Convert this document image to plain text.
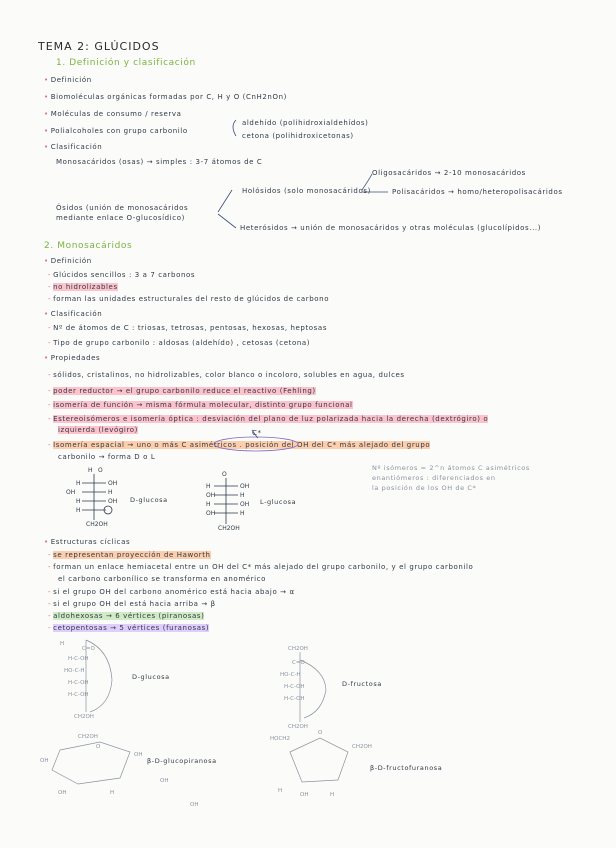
TEMA 2: GLÚCIDOS
1. Definición y clasificación
• Definición
• Biomoléculas orgánicas formadas por C, H y O (CnH2nOn)
• Moléculas de consumo / reserva
• Polialcoholes con grupo carbonilo
aldehído (polihidroxialdehídos)
cetona (polihidroxicetonas)
• Clasificación
Monosacáridos (osas) → simples : 3-7 átomos de C
Oligosacáridos → 2-10 monosacáridos
Holósidos (solo monosacáridos)	Polisacáridos → homo/heteropolisacáridos
Ósidos (unión de monosacáridos mediante enlace O-glucosídico)
Heterósidos → unión de monosacáridos y otras moléculas (glucolípidos...)
2. Monosacáridos
• Definición
- Glúcidos sencillos : 3 a 7 carbonos
- no hidrolizables
- forman las unidades estructurales del resto de glúcidos de carbono
• Clasificación
- Nº de átomos de C : triosas, tetrosas, pentosas, hexosas, heptosas
- Tipo de grupo carbonilo : aldosas (aldehído) , cetosas (cetona)
• Propiedades
- sólidos, cristalinos, no hidrolizables, color blanco o incoloro, solubles en agua, dulces
- poder reductor → el grupo carbonilo reduce el reactivo (Fehling)
- isomería de función → misma fórmula molecular, distinto grupo funcional
- Estereoisómeros e isomería óptica : desviación del plano de luz polarizada hacia la derecha (dextrógiro) o
izquierda (levógiro)	C*
- Isomería espacial → uno o más C asimétricos . posición del OH del C* más alejado del grupo
carbonilo → forma D o L
Nº isómeros = 2^n átomos C asimétricos
enantiómeros : diferenciados en
la posición de los OH de C*
D-glucosa	L-glucosa
• Estructuras cíclicas
- se representan proyección de Haworth
- forman un enlace hemiacetal entre un OH del C* más alejado del grupo carbonilo, y el grupo carbonilo
el carbono carbonílico se transforma en anomérico
- si el grupo OH del carbono anomérico está hacia abajo → α
- si el grupo OH del está hacia arriba → β
- aldohexosas → 6 vértices (piranosas)
- cetopentosas → 5 vértices (furanosas)
D-glucosa
D-fructosa
β-D-glucopiranosa
β-D-fructofuranosa
O
H
H	OH
OH	H
H	OH
H
CH2OH
O
H	OH
OH	H
H	OH
OH	H
CH2OH
H
C=O
H-C-OH
HO-C-H
H-C-OH
H-C-OH
CH2OH
CH2OH
C=O
HO-C-H
H-C-OH
H-C-OH
CH2OH
CH2OH
O
OH
OH
OH	H
OH
OH
HOCH2
O
CH2OH
H
OH	H
